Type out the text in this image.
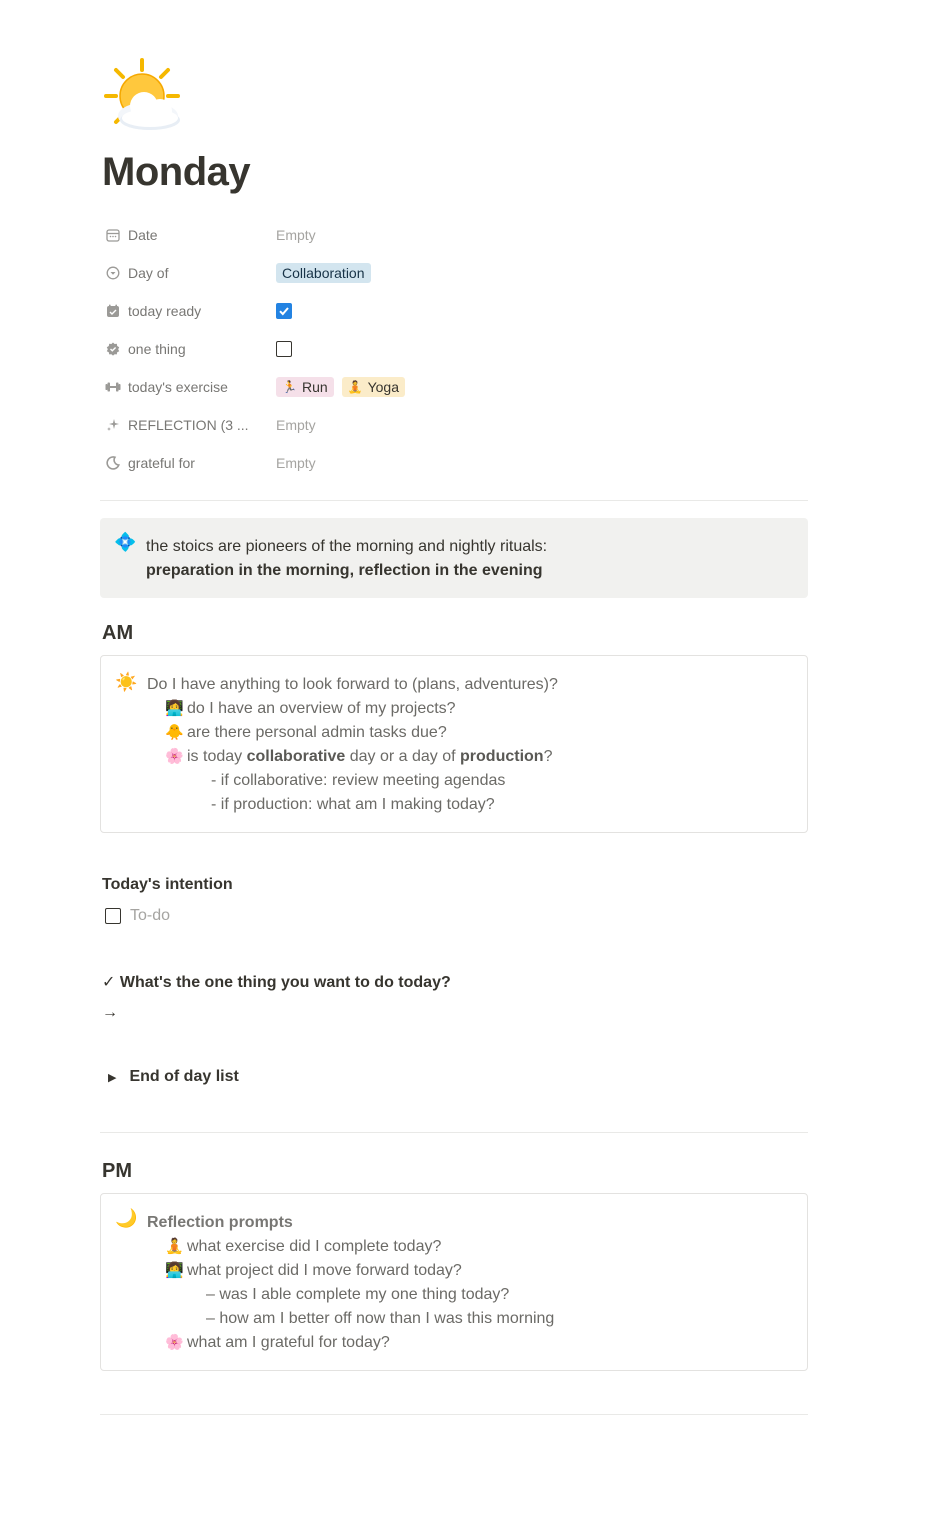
Monday
Date	Empty
Day of	Collaboration
today ready
one thing
today's exercise	🏃 Run 🧘 Yoga
REFLECTION (3 ... Empty
grateful for	Empty
💠 the stoics are pioneers of the morning and nightly rituals:
preparation in the morning, reflection in the evening
AM
☀️ Do I have anything to look forward to (plans, adventures)?
👩‍💻 do I have an overview of my projects?
🐥 are there personal admin tasks due?
🌸 is today collaborative day or a day of production?
- if collaborative: review meeting agendas
- if production: what am I making today?
Today's intention
To-do
✓ What's the one thing you want to do today?
→
▶ End of day list
PM
🌙 Reflection prompts
🧘 what exercise did I complete today?
👩‍💻 what project did I move forward today?
– was I able complete my one thing today?
– how am I better off now than I was this morning
🌸 what am I grateful for today?
